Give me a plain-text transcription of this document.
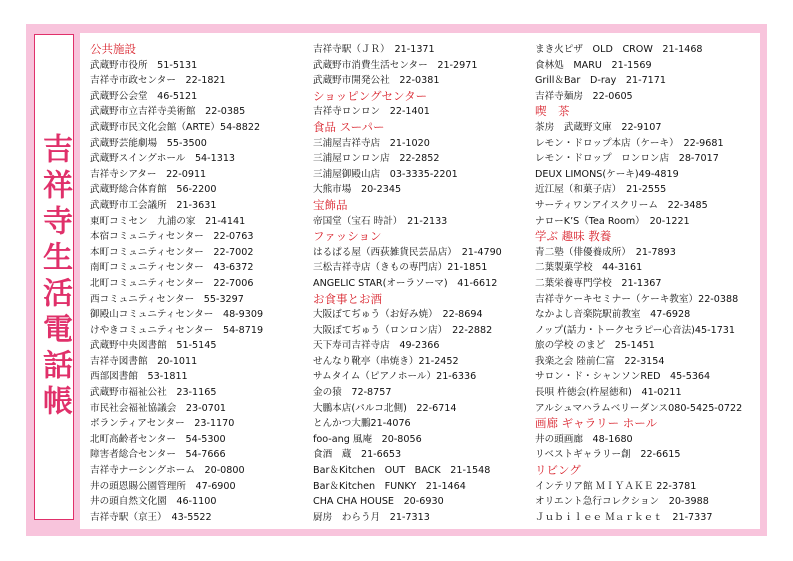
吉祥寺生活電話帳
公共施設
武蔵野市役所　51-5131
吉祥寺市政センター　22-1821
武蔵野公会堂　46-5121
武蔵野市立吉祥寺美術館　22-0385
武蔵野市民文化会館（ARTE）54-8822
武蔵野芸能劇場　55-3500
武蔵野スイングホール　54-1313
吉祥寺シアター　22-0911
武蔵野総合体育館　56-2200
武蔵野市工会議所　21-3631
東町コミセン　九浦の家　21-4141
本宿コミュニティセンター　22-0763
本町コミュニティセンター　22-7002
南町コミュニティセンター　43-6372
北町コミュニティセンター　22-7006
西コミュニティセンター　55-3297
御殿山コミュニティセンター　48-9309
けやきコミュニティセンター　54-8719
武蔵野中央図書館　51-5145
吉祥寺図書館　20-1011
西部図書館　53-1811
武蔵野市福祉公社　23-1165
市民社会福祉協議会　23-0701
ボランティアセンター　23-1170
北町高齢者センター　54-5300
障害者総合センター　54-7666
吉祥寺ナーシングホーム　20-0800
井の頭恩賜公園管理所　47-6900
井の頭自然文化園　46-1100
吉祥寺駅（京王）　43-5522
吉祥寺駅（ＪＲ）　21-1371
武蔵野市消費生活センター　21-2971
武蔵野市開発公社　22-0381
ショッピングセンター
吉祥寺ロンロン　22-1401
食品 スーパー
三浦屋吉祥寺店　21-1020
三浦屋ロンロン店　22-2852
三浦屋御殿山店　03-3335-2201
大熊市場　20-2345
宝飾品
帝国堂（宝石 時計）　21-2133
ファッション
はるぱる屋（西荻雑貨民芸品店）　21-4790
三松吉祥寺店（きもの専門店）21-1851
ANGELIC STAR(オーラソーマ)　41-6612
お食事とお酒
大阪ぼてぢゅう（お好み焼）　22-8694
大阪ぼてぢゅう（ロンロン店）　22-2882
天下寿司吉祥寺店　49-2366
せんなり靴亭（串焼き）21-2452
サムタイム（ピアノホール）21-6336
金の猿　72-8757
大鵬本店(パルコ北側)　22-6714
とんかつ大鵬21-4076
foo-ang 風庵　20-8056
食酒　蔵　21-6653
Bar＆Kitchen　OUT　BACK　21-1548
Bar＆Kitchen　FUNKY　21-1464
CHA CHA HOUSE　20-6930
厨房　わらう月　21-7313
まき火ピザ　OLD　CROW　21-1468
食林処　MARU　21-1569
Grill＆Bar　D-ray　21-7171
吉祥寺麺房　22-0605
喫　茶
茶房　武蔵野文庫　22-9107
レモン・ドロップ本店（ケーキ）　22-9681
レモン・ドロップ　ロンロン店　28-7017
DEUX LIMONS(ケーキ)49-4819
近江屋（和菓子店）　21-2555
サーティワンアイスクリーム　22-3485
ナローK’S（Tea Room）　20-1221
学ぶ 趣味 教養
青二塾（俳優養成所）　21-7893
二葉製菓学校　44-3161
二葉栄養専門学校　21-1367
吉祥寺ケーキセミナー（ケーキ教室）22-0388
なかよし音楽院駅前教室　47-6928
ノップ(話力・トークセラピー心音法)45-1731
旅の学校 のまど　25-1451
我楽之会 陸前仁富　22-3154
サロン・ド・シャンソンRED　45-5364
長唄 杵徳会(杵屋徳和)　41-0211
アルシュマハラムベリーダンス080-5425-0722
画廊 ギャラリー ホール
井の頭画廊　48-1680
リベストギャラリー創　22-6615
リビング
インテリア館 ＭＩＹＡＫＥ 22-3781
オリエント急行コレクション　20-3988
Ｊｕｂｉｌｅｅ Ｍａｒｋｅｔ　21-7337
